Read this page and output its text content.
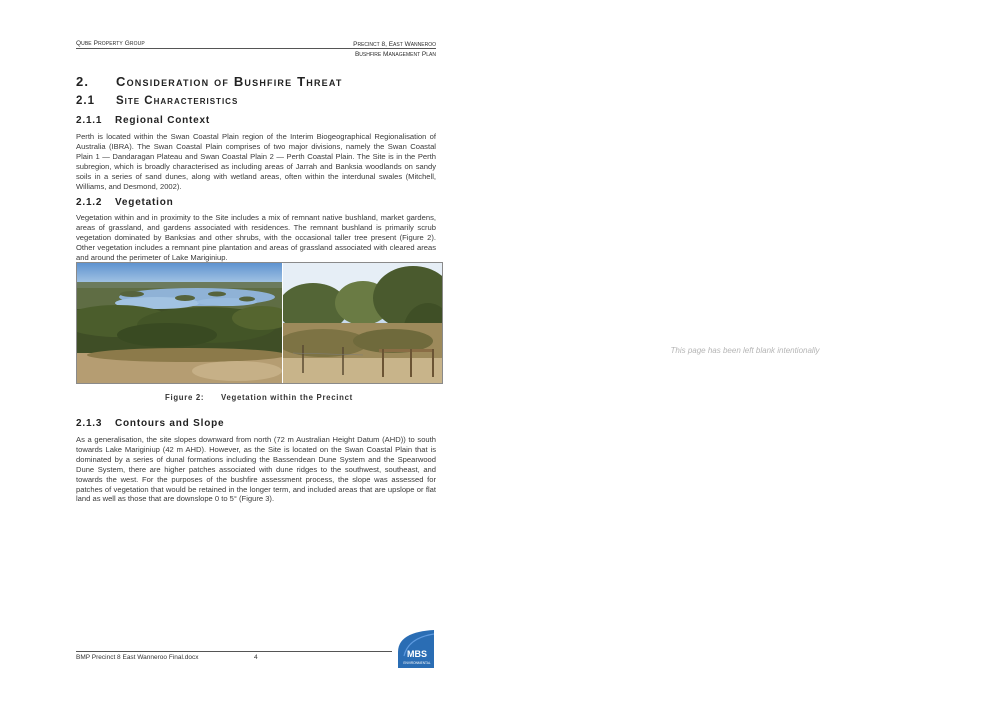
Qube Property Group	Precinct 8, East Wanneroo
Bushfire Management Plan
2. Consideration of Bushfire Threat
2.1 Site Characteristics
2.1.1 Regional Context

Perth is located within the Swan Coastal Plain region of the Interim Biogeographical Regionalisation of Australia (IBRA). The Swan Coastal Plain comprises of two major divisions, namely the Swan Coastal Plain 1 — Dandaragan Plateau and Swan Coastal Plain 2 — Perth Coastal Plain. The Site is in the Perth subregion, which is broadly characterised as including areas of Jarrah and Banksia woodlands on sandy soils in a series of sand dunes, along with wetland areas, often within the interdunal swales (Mitchell, Williams, and Desmond, 2002).

2.1.2 Vegetation

Vegetation within and in proximity to the Site includes a mix of remnant native bushland, market gardens, areas of grassland, and gardens associated with residences. The remnant bushland is primarily scrub vegetation dominated by Banksias and other shrubs, with the occasional taller tree present (Figure 2). Other vegetation includes a remnant pine plantation and areas of grassland associated with cleared areas and around the perimeter of Lake Mariginiup.

Figure 2: Vegetation within the Precinct
2.1.3 Contours and Slope

As a generalisation, the site slopes downward from north (72 m Australian Height Datum (AHD)) to south towards Lake Mariginiup (42 m AHD). However, as the Site is located on the Swan Coastal Plain that is dominated by a series of dunal formations including the Bassendean Dune System and the Spearwood Dune System, there are higher patches associated with dune ridges to the southwest, southeast, and towards the west. For the purposes of the bushfire assessment process, the slope was assessed for patches of vegetation that would be retained in the longer term, and included areas that are upslope or flat land as well as those that are downslope 0 to 5° (Figure 3).

BMP Precinct 8 East Wanneroo Final.docx	4	MBS
ENVIRONMENTAL
This page has been left blank intentionally
